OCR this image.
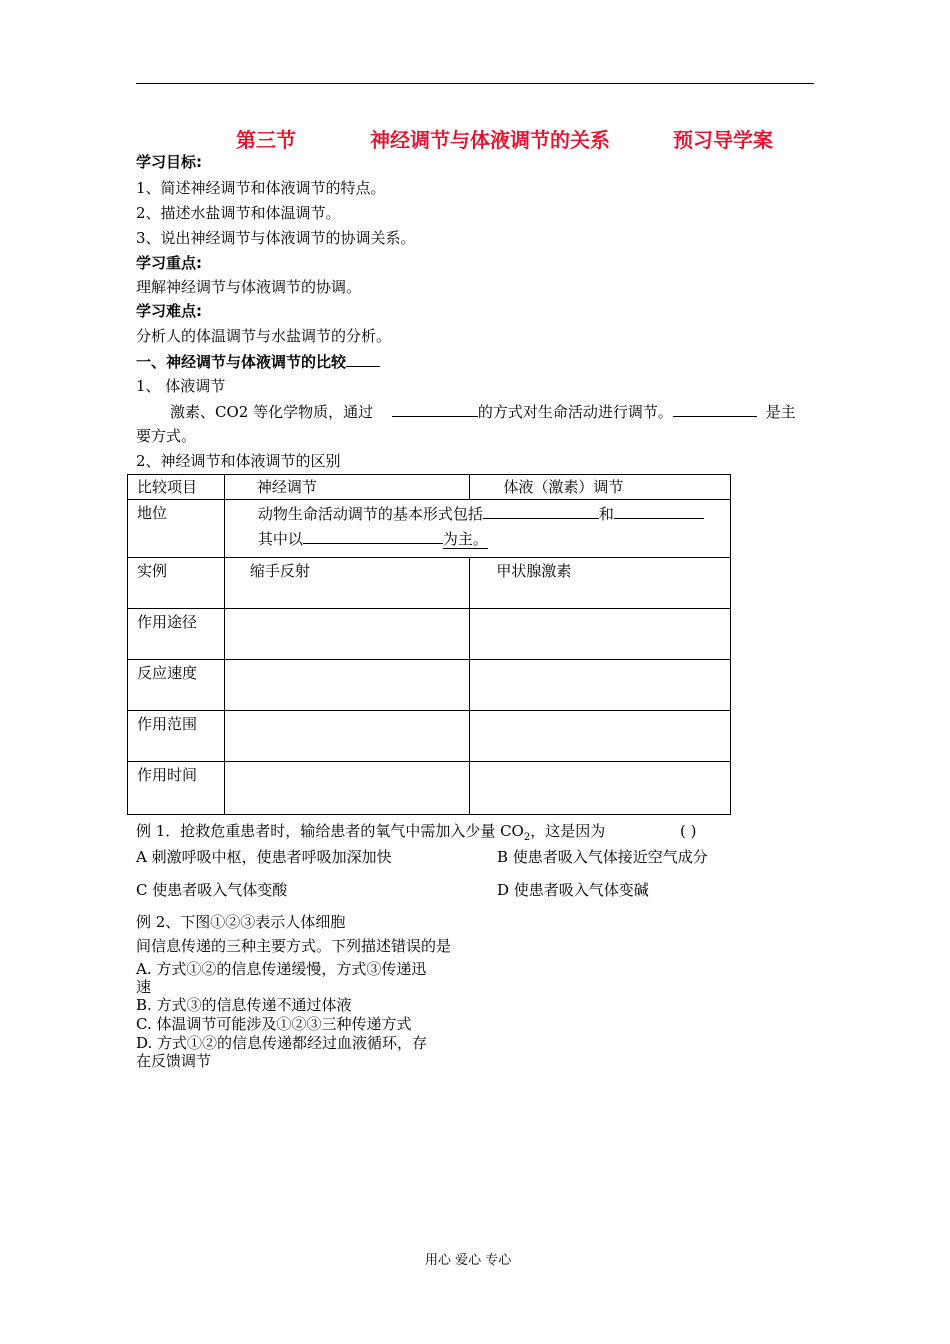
第三节	神经调节与体液调节的关系	预习导学案
学习目标:
1、简述神经调节和体液调节的特点。
2、描述水盐调节和体温调节。
3、说出神经调节与体液调节的协调关系。
学习重点:
理解神经调节与体液调节的协调。
学习难点:
分析人的体温调节与水盐调节的分析。
一、神经调节与体液调节的比较
1、 体液调节
激素、CO2 等化学物质，通过	的方式对生命活动进行调节。	是主
要方式。
2、神经调节和体液调节的区别
比较项目	神经调节	体液（激素）调节

地位	动物生命活动调节的基本形式包括 和
其中以 为主。	

实例	缩手反射	甲状腺激素

作用途径		

反应速度		

作用范围		

作用时间		

例 1．抢救危重患者时，输给患者的氧气中需加入少量 $CO_2$，这是因为	( )
A 刺激呼吸中枢，使患者呼吸加深加快	B 使患者吸入气体接近空气成分
C 使患者吸入气体变酸	D 使患者吸入气体变碱
例 2、下图①②③表示人体细胞
间信息传递的三种主要方式。下列描述错误的是
A. 方式①②的信息传递缓慢，方式③传递迅
速
B. 方式③的信息传递不通过体液
C. 体温调节可能涉及①②③三种传递方式
D. 方式①②的信息传递都经过血液循环，存
在反馈调节
用心 爱心 专心
